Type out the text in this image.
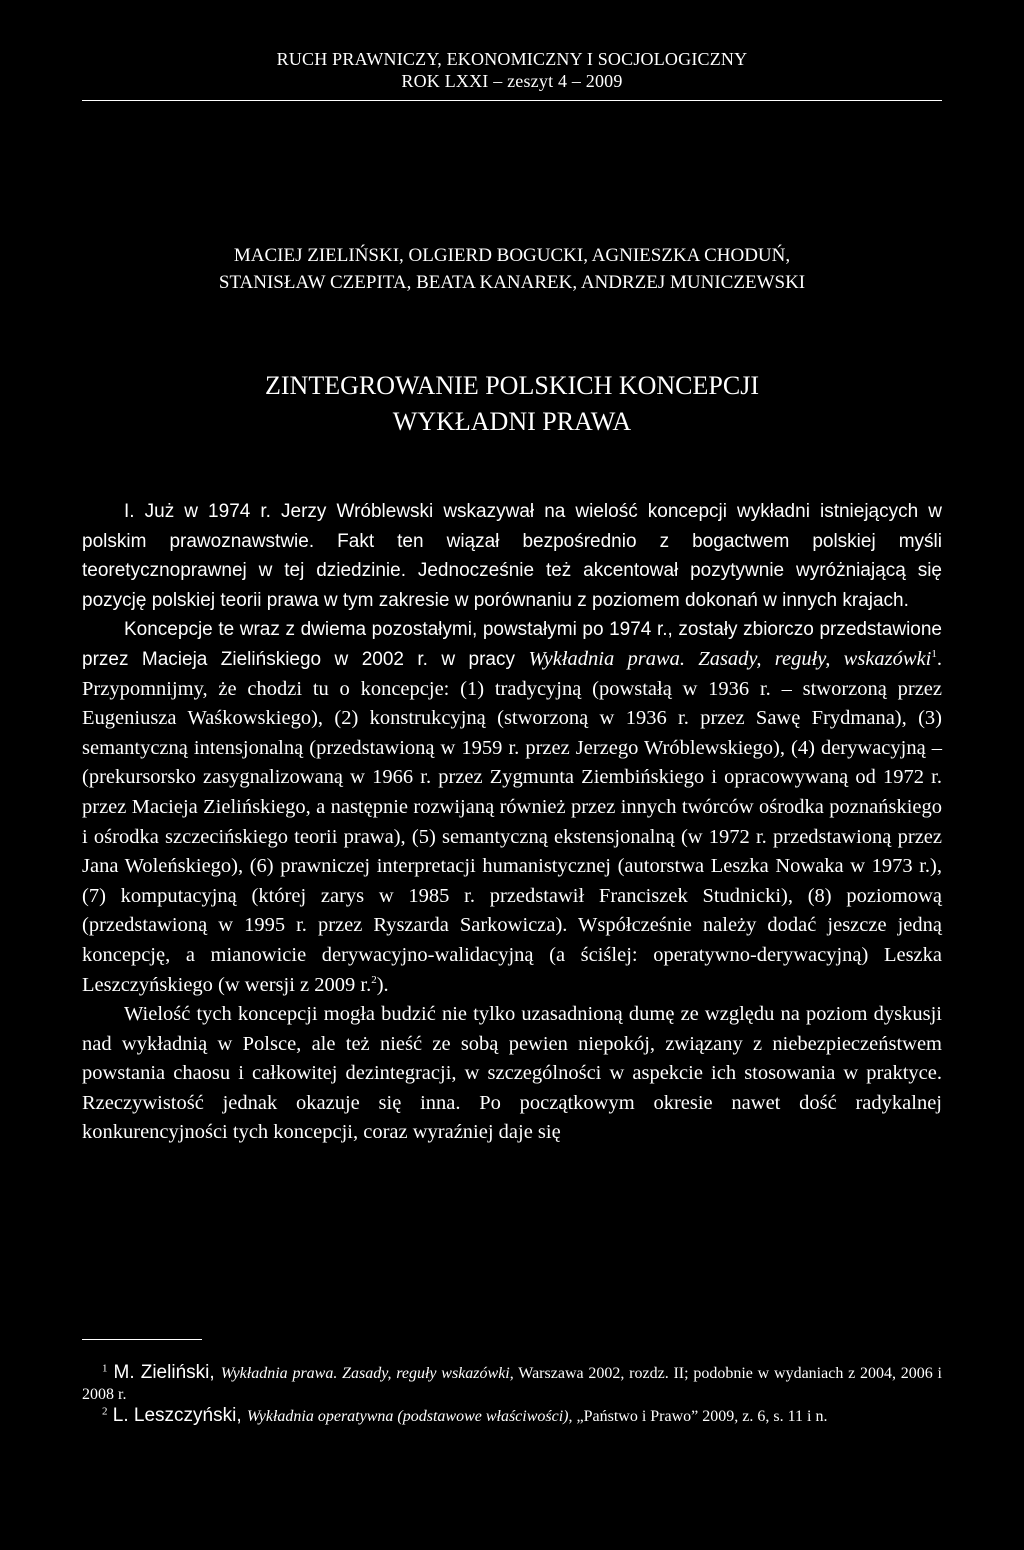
RUCH PRAWNICZY, EKONOMICZNY I SOCJOLOGICZNY
ROK LXXI – zeszyt 4 – 2009
MACIEJ ZIELIŃSKI, OLGIERD BOGUCKI, AGNIESZKA CHODUŃ,
STANISŁAW CZEPITA, BEATA KANAREK, ANDRZEJ MUNICZEWSKI
ZINTEGROWANIE POLSKICH KONCEPCJI
WYKŁADNI PRAWA

I. Już w 1974 r. Jerzy Wróblewski wskazywał na wielość koncepcji wykładni istniejących w polskim prawoznawstwie. Fakt ten wiązał bezpośrednio z bogactwem polskiej myśli teoretycznoprawnej w tej dziedzinie. Jednocześnie też akcentował pozytywnie wyróżniającą się pozycję polskiej teorii prawa w tym zakresie w porównaniu z poziomem dokonań w innych krajach.

Koncepcje te wraz z dwiema pozostałymi, powstałymi po 1974 r., zostały zbiorczo przedstawione przez Macieja Zielińskiego w 2002 r. w pracy Wykładnia prawa. Zasady, reguły, wskazówki$^1$. Przypomnijmy, że chodzi tu o koncepcje: (1) tradycyjną (powstałą w 1936 r. – stworzoną przez Eugeniusza Waśkowskiego), (2) konstrukcyjną (stworzoną w 1936 r. przez Sawę Frydmana), (3) semantyczną intensjonalną (przedstawioną w 1959 r. przez Jerzego Wróblewskiego), (4) derywacyjną – (prekursorsko zasygnalizowaną w 1966 r. przez Zygmunta Ziembińskiego i opracowywaną od 1972 r. przez Macieja Zielińskiego, a następnie rozwijaną również przez innych twórców ośrodka poznańskiego i ośrodka szczecińskiego teorii prawa), (5) semantyczną ekstensjonalną (w 1972 r. przedstawioną przez Jana Woleńskiego), (6) prawniczej interpretacji humanistycznej (autorstwa Leszka Nowaka w 1973 r.), (7) komputacyjną (której zarys w 1985 r. przedstawił Franciszek Studnicki), (8) poziomową (przedstawioną w 1995 r. przez Ryszarda Sarkowicza). Współcześnie należy dodać jeszcze jedną koncepcję, a mianowicie derywacyjno-walidacyjną (a ściślej: operatywno-derywacyjną) Leszka Leszczyńskiego (w wersji z 2009 r.$^2$).

Wielość tych koncepcji mogła budzić nie tylko uzasadnioną dumę ze względu na poziom dyskusji nad wykładnią w Polsce, ale też nieść ze sobą pewien niepokój, związany z niebezpieczeństwem powstania chaosu i całkowitej dezintegracji, w szczególności w aspekcie ich stosowania w praktyce. Rzeczywistość jednak okazuje się inna. Po początkowym okresie nawet dość radykalnej konkurencyjności tych koncepcji, coraz wyraźniej daje się

$^1$ M. Zieliński, Wykładnia prawa. Zasady, reguły wskazówki, Warszawa 2002, rozdz. II; podobnie w wydaniach z 2004, 2006 i 2008 r.

$^2$ L. Leszczyński, Wykładnia operatywna (podstawowe właściwości), „Państwo i Prawo” 2009, z. 6, s. 11 i n.
